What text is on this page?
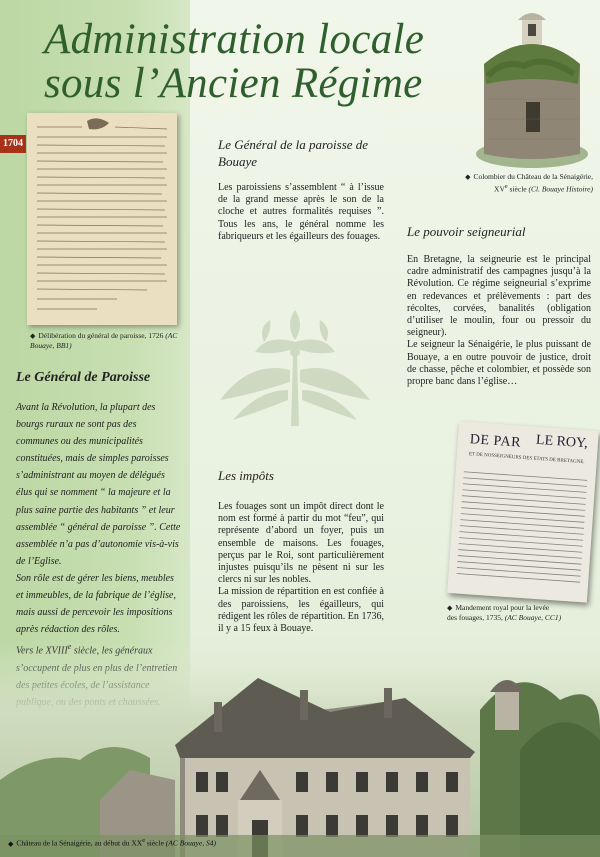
Administration locale
sous l’Ancien Régime
1704
◆ Délibération du général de paroisse, 1726 (AC Bouaye, BB1)
◆ Colombier du Château de la Sénaigérie,
XVe siècle (Cl. Bouaye Histoire)
Le Général de Paroisse

Avant la Révolution, la plupart des bourgs ruraux ne sont pas des communes ou des municipalités constituées, mais de simples paroisses s’administrant au moyen de délégués élus qui se nomment “ la majeure et la plus saine partie des habitants ” et leur assemblée “ général de paroisse ”. Cette assemblée n’a pas d’autonomie vis-à-vis de l’Eglise.

Son rôle est de gérer les biens, meubles et immeubles, de la fabrique de l’église, mais aussi de percevoir les impositions après rédaction des rôles.

Le Général de la paroisse de Bouaye

Les paroissiens s’assemblent “ à l’issue de la grand messe après le son de la cloche et autres formalités requises ”. Tous les ans, le général nomme les fabriqueurs et les égailleurs des fouages. Le pouvoir seigneurial

En Bretagne, la seigneurie est le principal cadre administratif des campagnes jusqu’à la Révolution. Ce régime seigneurial s’exprime en redevances et prélèvements : part des récoltes, corvées, banalités (obligation d’utiliser le moulin, four ou pressoir du seigneur).

Le seigneur la Sénaigérie, le plus puissant de Bouaye, a en outre pouvoir de justice, droit de chasse, pêche et colombier, et possède son propre banc dans l’église…

Les impôts

Les fouages sont un impôt direct dont le nom est formé à partir du mot “feu”, qui représente d’abord un foyer, puis un ensemble de maisons. Les fouages, perçus par le Roi, sont particulièrement injustes puisqu’ils ne pèsent ni sur les clercs ni sur les nobles.

La mission de répartition en est confiée à des paroissiens, les égailleurs, qui rédigent les rôles de répartition. En 1736, il y a 15 feux à Bouaye.

DE PAR LE ROY,
ET DE NOSSEIGNEURS DES ETATS DE BRETAGNE.
◆ Mandement royal pour la levée
des fouages, 1735, (AC Bouaye, CC1)
◆ Château de la Sénaigérie, au début du XXe siècle (AC Bouaye, S4)
